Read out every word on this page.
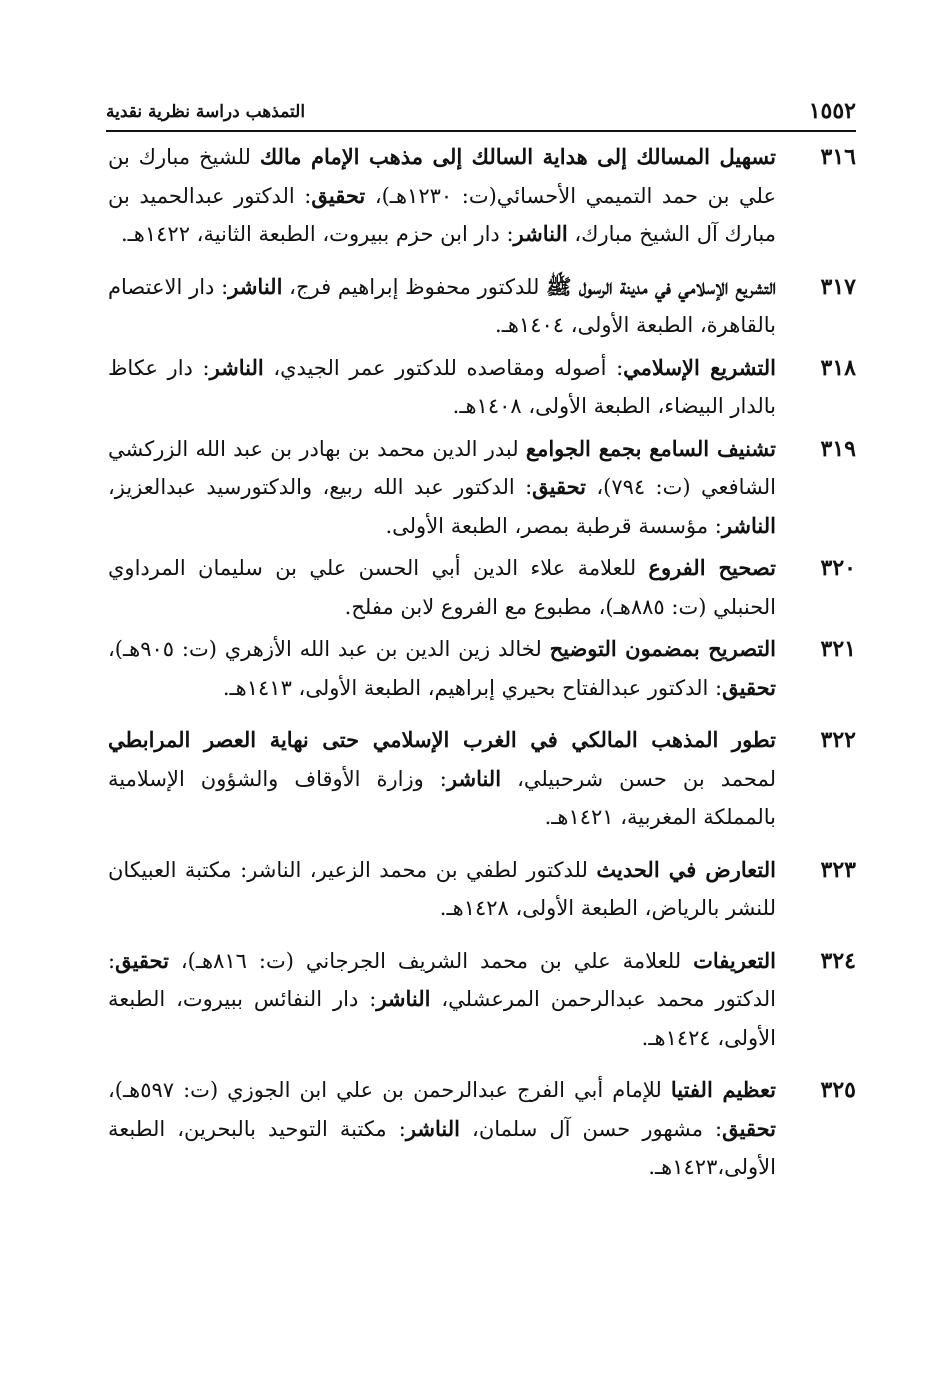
١٥٥٢
التمذهب دراسة نظرية نقدية
٣١٦
تسهيل المسالك إلى هداية السالك إلى مذهب الإمام مالك للشيخ مبارك بن علي بن حمد التميمي الأحسائي(ت: ١٢٣٠هـ)، تحقيق: الدكتور عبدالحميد بن مبارك آل الشيخ مبارك، الناشر: دار ابن حزم ببيروت، الطبعة الثانية، ١٤٢٢هـ.
٣١٧
التشريع الإسلامي في مدينة الرسول ﷺ للدكتور محفوظ إبراهيم فرج، الناشر: دار الاعتصام بالقاهرة، الطبعة الأولى، ١٤٠٤هـ.
٣١٨
التشريع الإسلامي: أصوله ومقاصده للدكتور عمر الجيدي، الناشر: دار عكاظ بالدار البيضاء، الطبعة الأولى، ١٤٠٨هـ.
٣١٩
تشنيف السامع بجمع الجوامع لبدر الدين محمد بن بهادر بن عبد الله الزركشي الشافعي (ت: ٧٩٤)، تحقيق: الدكتور عبد الله ربيع، والدكتورسيد عبدالعزيز، الناشر: مؤسسة قرطبة بمصر، الطبعة الأولى.
٣٢٠
تصحيح الفروع للعلامة علاء الدين أبي الحسن علي بن سليمان المرداوي الحنبلي (ت: ٨٨٥هـ)، مطبوع مع الفروع لابن مفلح.
٣٢١
التصريح بمضمون التوضيح لخالد زين الدين بن عبد الله الأزهري (ت: ٩٠٥هـ)، تحقيق: الدكتور عبدالفتاح بحيري إبراهيم، الطبعة الأولى، ١٤١٣هـ.
٣٢٢
تطور المذهب المالكي في الغرب الإسلامي حتى نهاية العصر المرابطي لمحمد بن حسن شرحبيلي، الناشر: وزارة الأوقاف والشؤون الإسلامية بالمملكة المغربية، ١٤٢١هـ.
٣٢٣
التعارض في الحديث للدكتور لطفي بن محمد الزعير، الناشر: مكتبة العبيكان للنشر بالرياض، الطبعة الأولى، ١٤٢٨هـ.
٣٢٤
التعريفات للعلامة علي بن محمد الشريف الجرجاني (ت: ٨١٦هـ)، تحقيق: الدكتور محمد عبدالرحمن المرعشلي، الناشر: دار النفائس ببيروت، الطبعة الأولى، ١٤٢٤هـ.
٣٢٥
تعظيم الفتيا للإمام أبي الفرج عبدالرحمن بن علي ابن الجوزي (ت: ٥٩٧هـ)، تحقيق: مشهور حسن آل سلمان، الناشر: مكتبة التوحيد بالبحرين، الطبعة الأولى،١٤٢٣هـ.
